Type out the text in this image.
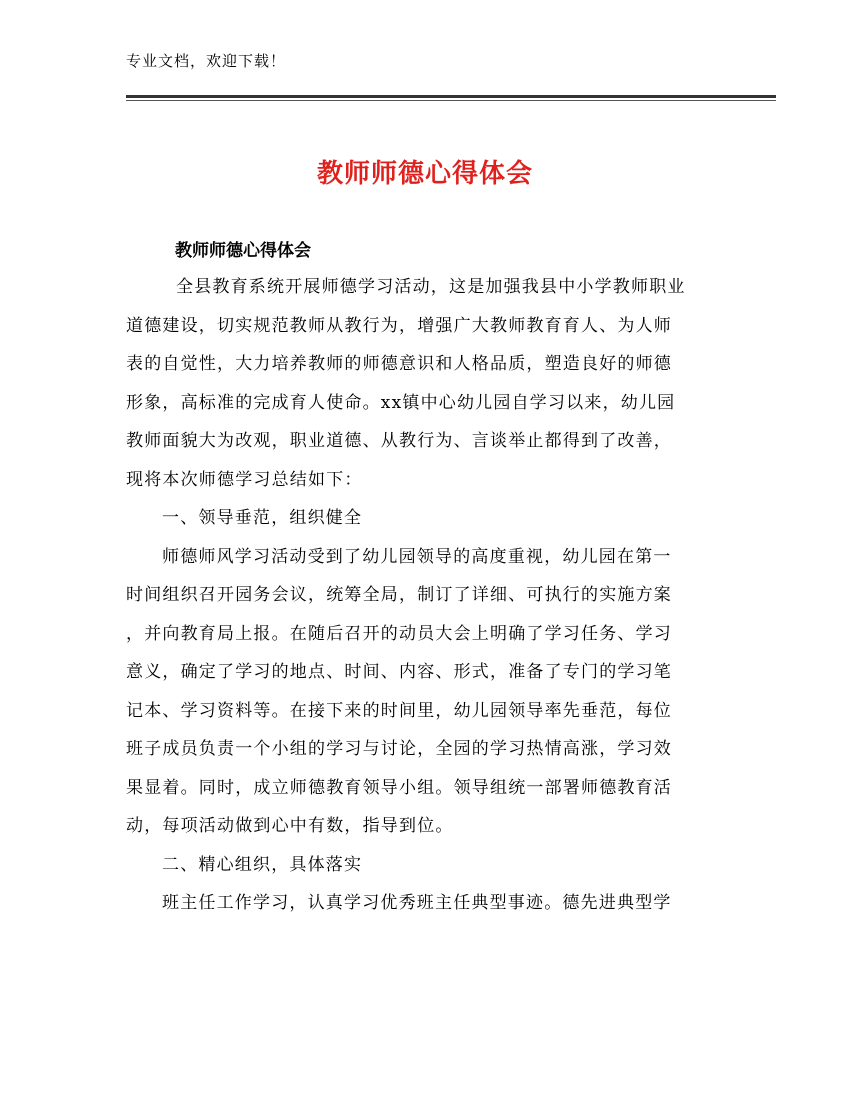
专业文档，欢迎下载！
教师师德心得体会
教师师德心得体会
全县教育系统开展师德学习活动，这是加强我县中小学教师职业
道德建设，切实规范教师从教行为，增强广大教师教育育人、为人师
表的自觉性，大力培养教师的师德意识和人格品质，塑造良好的师德
形象，高标准的完成育人使命。xx镇中心幼儿园自学习以来，幼儿园
教师面貌大为改观，职业道德、从教行为、言谈举止都得到了改善，
现将本次师德学习总结如下：
一、领导垂范，组织健全
师德师风学习活动受到了幼儿园领导的高度重视，幼儿园在第一
时间组织召开园务会议，统筹全局，制订了详细、可执行的实施方案
，并向教育局上报。在随后召开的动员大会上明确了学习任务、学习
意义，确定了学习的地点、时间、内容、形式，准备了专门的学习笔
记本、学习资料等。在接下来的时间里，幼儿园领导率先垂范，每位
班子成员负责一个小组的学习与讨论，全园的学习热情高涨，学习效
果显着。同时，成立师德教育领导小组。领导组统一部署师德教育活
动，每项活动做到心中有数，指导到位。
二、精心组织，具体落实
班主任工作学习，认真学习优秀班主任典型事迹。德先进典型学
